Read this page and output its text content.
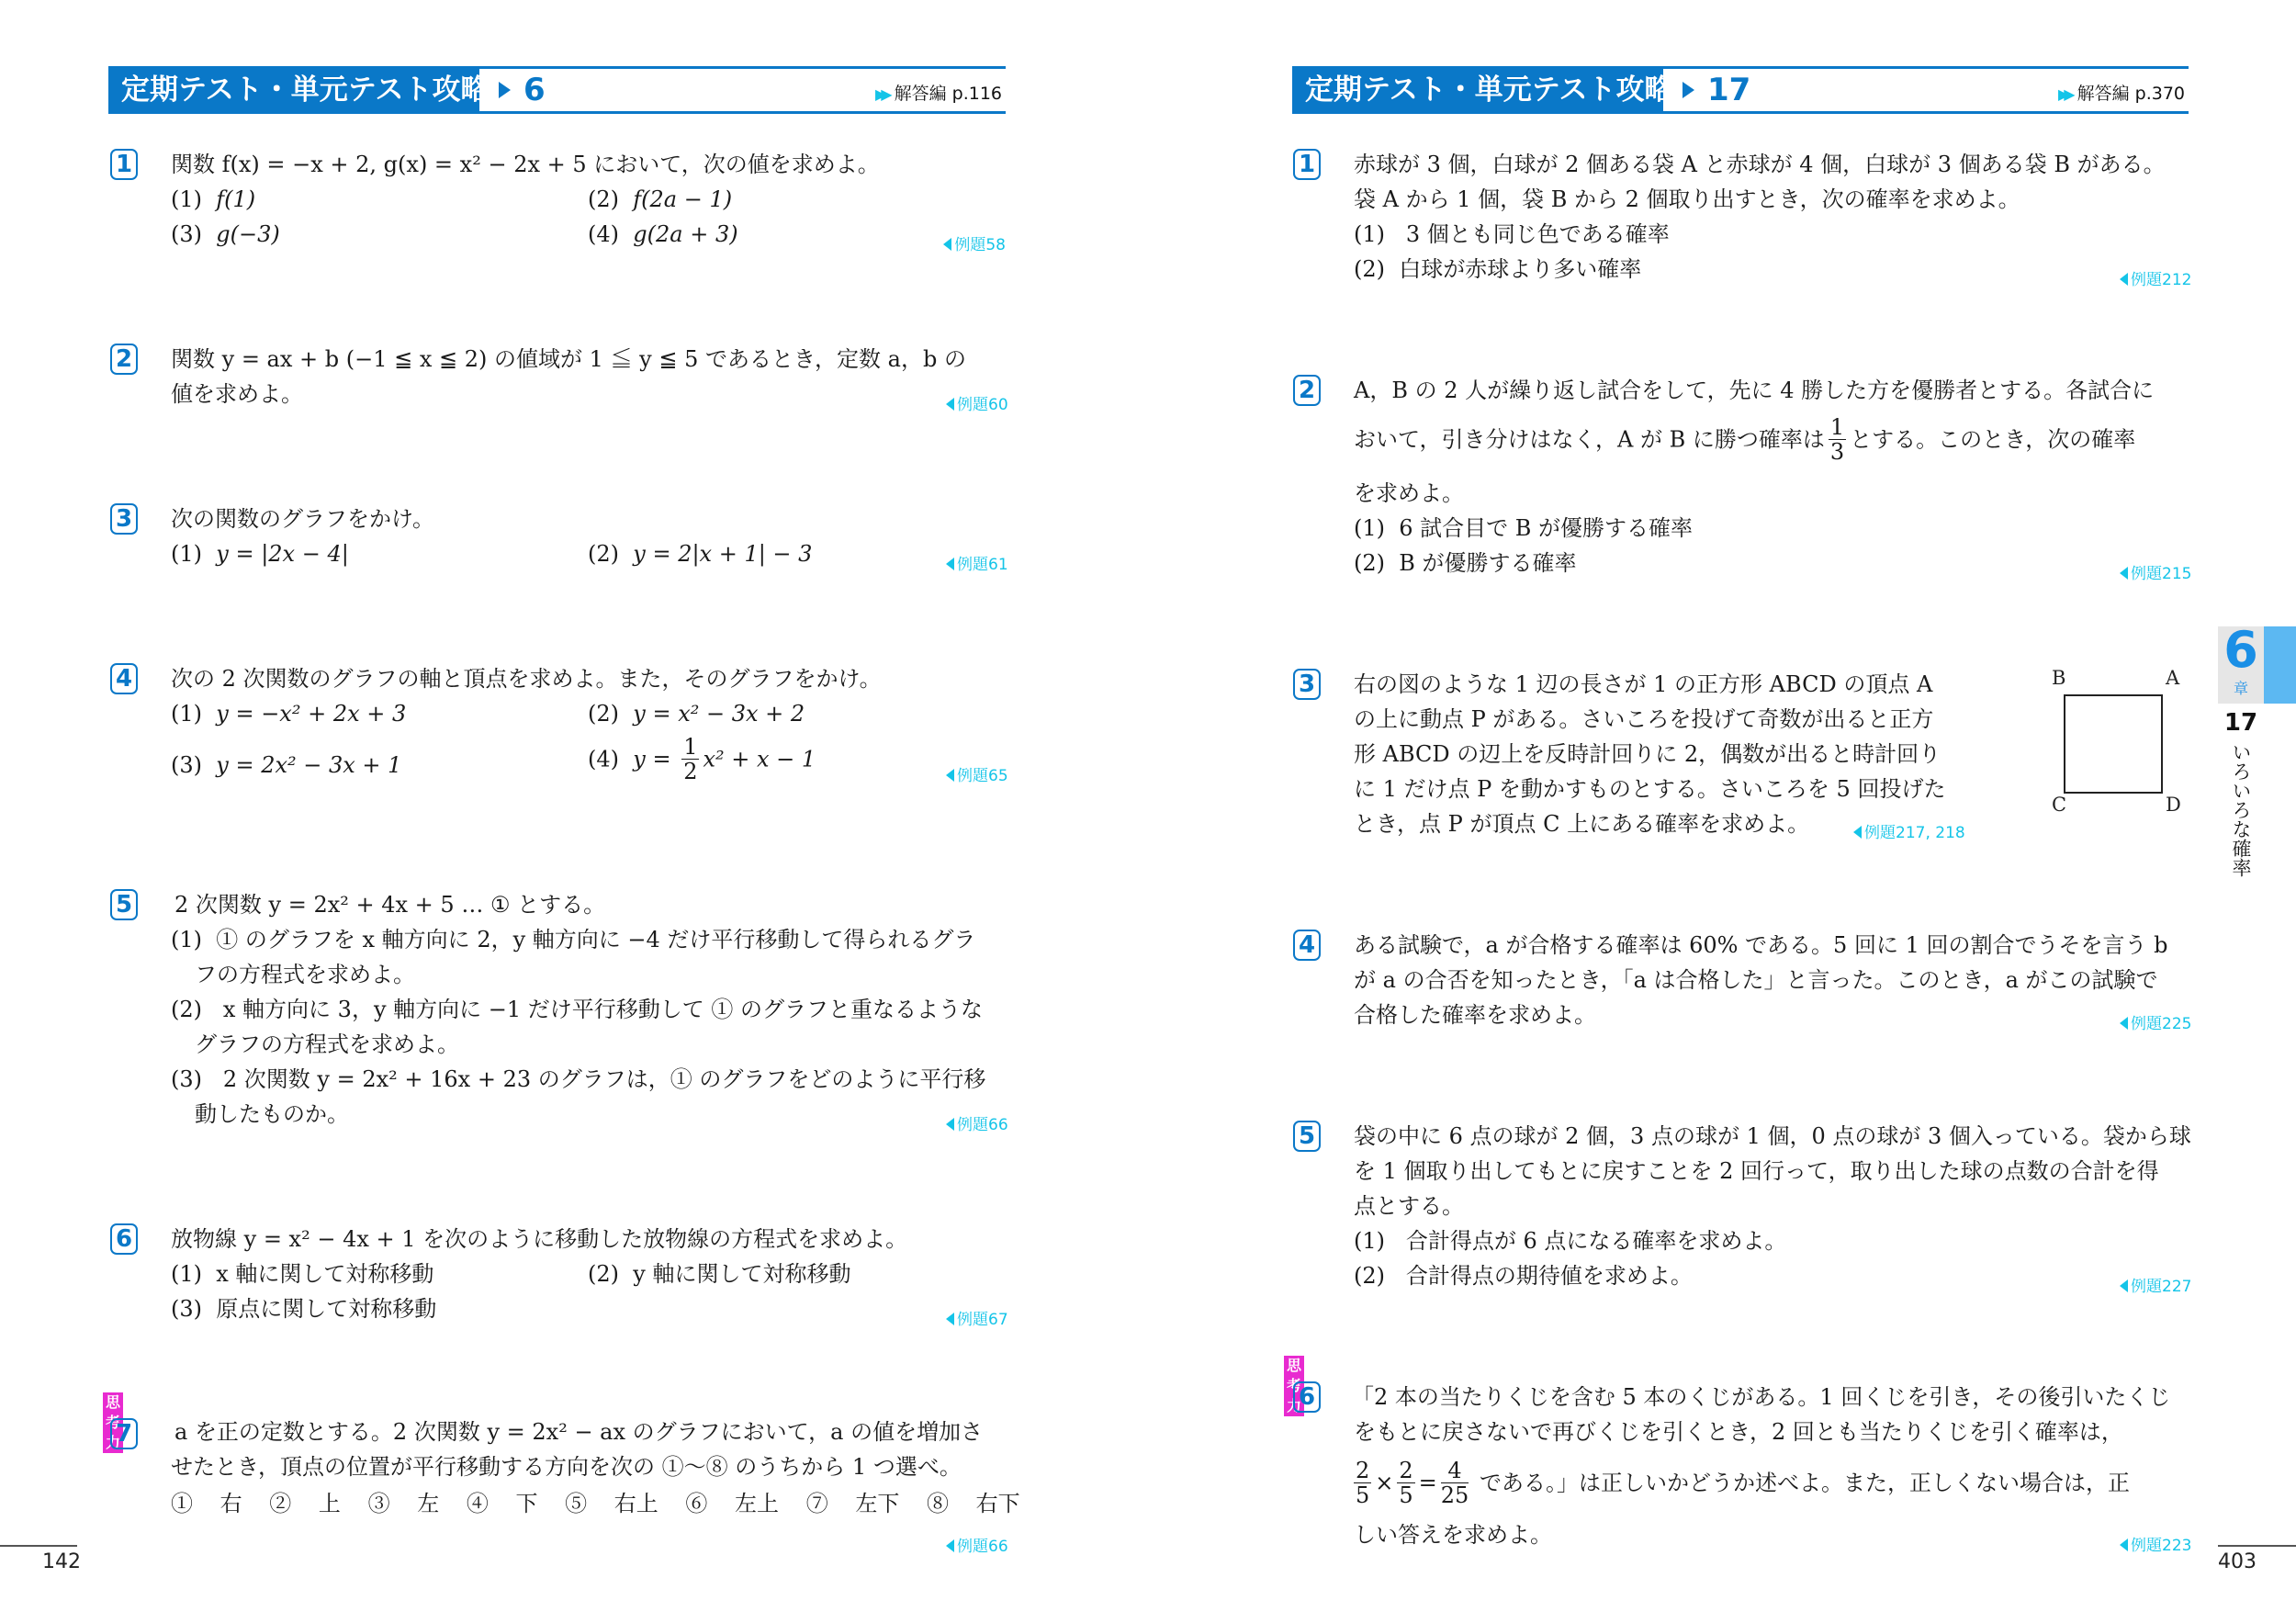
定期テスト・単元テスト攻略	6	▶▶ 解答編 p.116
1 関数 f(x) = −x + 2, g(x) = x² − 2x + 5 において，次の値を求めよ。
(1) f(1)	(2) f(2a − 1)
(3) g(−3)	(4) g(2a + 3)	例題58
2 関数 y = ax + b (−1 ≦ x ≦ 2) の値域が 1 ≦ y ≦ 5 であるとき，定数 a，b の
値を求めよ。	例題60
3 次の関数のグラフをかけ。
(1) y = |2x − 4|	(2) y = 2|x + 1| − 3	例題61
4 次の 2 次関数のグラフの軸と頂点を求めよ。また，そのグラフをかけ。
(1) y = −x² + 2x + 3	(2) y = x² − 3x + 2
(3) y = 2x² − 3x + 1	(4) $y = \frac{1}{2} x^2 + x - 1$
例題65
5 2 次関数 y = 2x² + 4x + 5 … ① とする。
(1) ① のグラフを x 軸方向に 2，y 軸方向に −4 だけ平行移動して得られるグラ
フの方程式を求めよ。
(2) x 軸方向に 3，y 軸方向に −1 だけ平行移動して ① のグラフと重なるような
グラフの方程式を求めよ。
(3) 2 次関数 y = 2x² + 16x + 23 のグラフは，① のグラフをどのように平行移
動したものか。	例題66
6 放物線 y = x² − 4x + 1 を次のように移動した放物線の方程式を求めよ。
(1) x 軸に関して対称移動	(2) y 軸に関して対称移動
(3) 原点に関して対称移動	例題67
思考力
7 a を正の定数とする。2 次関数 y = 2x² − ax のグラフにおいて，a の値を増加さ
せたとき，頂点の位置が平行移動する方向を次の ①〜⑧ のうちから 1 つ選べ。
① 右 ② 上 ③ 左 ④ 下 ⑤ 右上 ⑥ 左上 ⑦ 左下 ⑧ 右下
例題66
142
定期テスト・単元テスト攻略	17	▶▶ 解答編 p.370
1 赤球が 3 個，白球が 2 個ある袋 A と赤球が 4 個，白球が 3 個ある袋 B がある。
袋 A から 1 個，袋 B から 2 個取り出すとき，次の確率を求めよ。
(1) 3 個とも同じ色である確率
(2) 白球が赤球より多い確率	例題212
2 A，B の 2 人が繰り返し試合をして，先に 4 勝した方を優勝者とする。各試合に
おいて，引き分けはなく，A が B に勝つ確率は $\frac{1}{3}$ とする。このとき，次の確率
を求めよ。
(1) 6 試合目で B が優勝する確率
(2) B が優勝する確率	例題215
3 右の図のような 1 辺の長さが 1 の正方形 ABCD の頂点 A
の上に動点 P がある。さいころを投げて奇数が出ると正方
形 ABCD の辺上を反時計回りに 2，偶数が出ると時計回り
に 1 だけ点 P を動かすものとする。さいころを 5 回投げた
とき，点 P が頂点 C 上にある確率を求めよ。	例題217, 218
B	A
C	D
4 ある試験で，a が合格する確率は 60% である。5 回に 1 回の割合でうそを言う b
が a の合否を知ったとき，「a は合格した」と言った。このとき，a がこの試験で
合格した確率を求めよ。	例題225
5 袋の中に 6 点の球が 2 個，3 点の球が 1 個，0 点の球が 3 個入っている。袋から球
を 1 個取り出してもとに戻すことを 2 回行って，取り出した球の点数の合計を得
点とする。
(1) 合計得点が 6 点になる確率を求めよ。
(2) 合計得点の期待値を求めよ。	例題227
思考力
6 「2 本の当たりくじを含む 5 本のくじがある。1 回くじを引き，その後引いたくじ
をもとに戻さないで再びくじを引くとき，2 回とも当たりくじを引く確率は，
$\frac{2}{5} \times \frac{2}{5} = \frac{4}{25}$ である。」は正しいかどうか述べよ。また，正しくない場合は，正
しい答えを求めよ。	例題223
403
6
章
17
いろいろな確率
